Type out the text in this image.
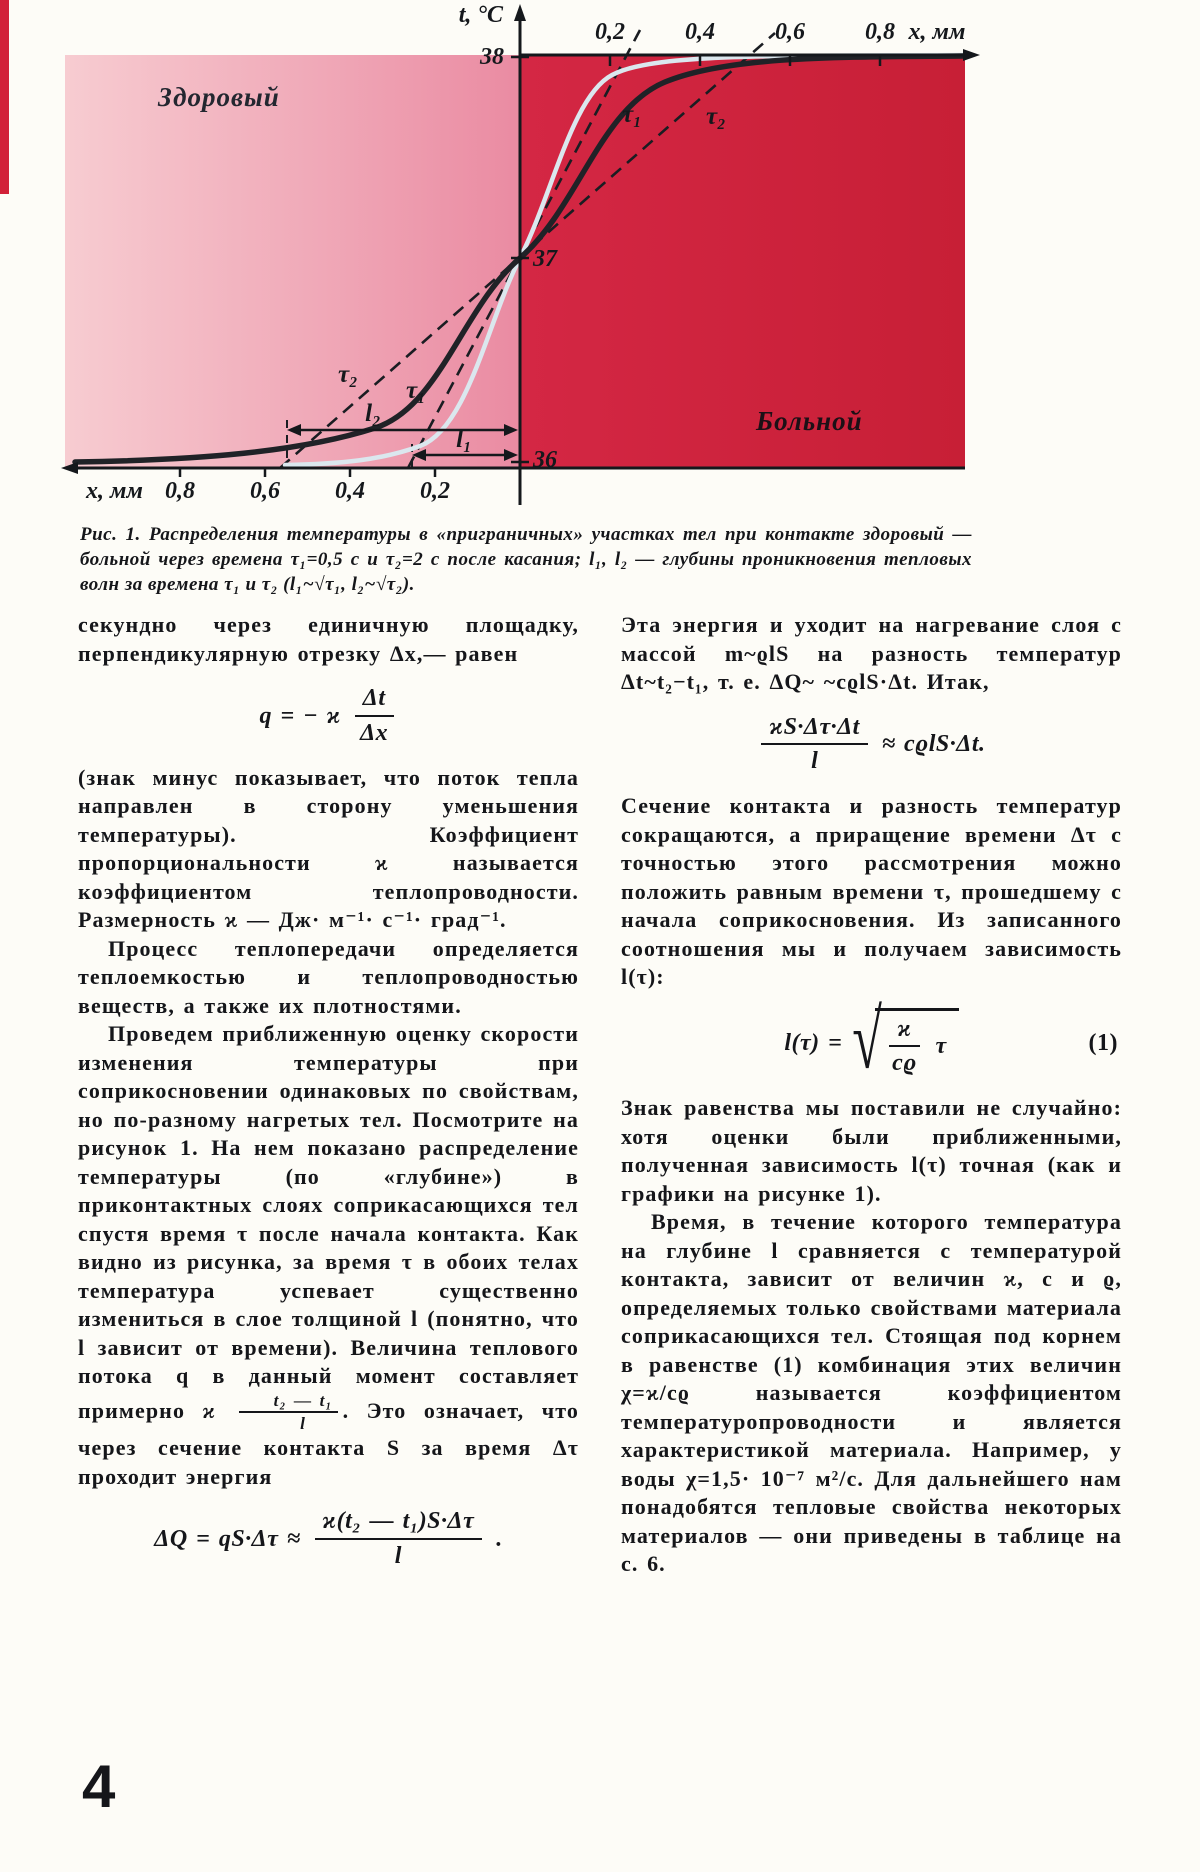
t, °C
x, мм
x, мм
0,2	0,4	0,6	0,8
0,8 0,6 0,4 0,2
38
37
36
τ₂
τ₁
τ₁	τ₂
l₂
l₁
Здоровый
Больной

Рис. 1. Распределения температуры в «приграничных» участках тел при контакте здоровый — больной через времена τ₁=0,5 с и τ₂=2 с после касания; l₁, l₂ — глубины проникновения тепловых волн за времена τ₁ и τ₂ (l₁~√τ₁, l₂~√τ₂).

секундно через единичную площадку, перпендикулярную отрезку Δx,— равен

q = − ϰ $\frac{\Delta t}{\Delta x}$

(знак минус показывает, что поток тепла направлен в сторону уменьшения температуры). Коэффициент пропорциональности ϰ называется коэффициентом теплопроводности. Размерность ϰ — Дж· м⁻¹· с⁻¹· град⁻¹.

Процесс теплопередачи определяется теплоемкостью и теплопроводностью веществ, а также их плотностями.

Проведем приближенную оценку скорости изменения температуры при соприкосновении одинаковых по свойствам, но по-разному нагретых тел. Посмотрите на рисунок 1. На нем показано распределение температуры (по «глубине») в приконтактных слоях соприкасающихся тел спустя время τ после начала контакта. Как видно из рисунка, за время τ в обоих телах температура успевает существенно измениться в слое толщиной l (понятно, что l зависит от времени). Величина теплового потока q в данный момент составляет примерно ϰ $\frac{\text{t₂ — t₁}}{l}$ . Это означает, что через сечение контакта S за время Δτ проходит энергия

$\Delta Q = qS\cdot\Delta\tau \approx \frac{\text{ϰ(t₂ — t₁)S·Δτ}}{l}$ .

Эта энергия и уходит на нагревание слоя с массой m~ϱlS на разность температур Δt~t₂−t₁, т. е. ΔQ~ ~cϱlS·Δt. Итак,

$\frac{ϰS\cdot\Delta\tau\cdot\Delta t}{l} \approx cϱlS\cdot\Delta t$.

Сечение контакта и разность температур сокращаются, а приращение времени Δτ с точностью этого рассмотрения можно положить равным времени τ, прошедшему с начала соприкосновения. Из записанного соотношения мы и получаем зависимость l(τ):

l(τ) = √ $\frac{ϰ}{cϱ}$ τ	(1)

Знак равенства мы поставили не случайно: хотя оценки были приближенными, полученная зависимость l(τ) точная (как и графики на рисунке 1).

Время, в течение которого температура на глубине l сравняется с температурой контакта, зависит от величин ϰ, c и ϱ, определяемых только свойствами материала соприкасающихся тел. Стоящая под корнем в равенстве (1) комбинация этих величин χ=ϰ/cϱ называется коэффициентом температуропроводности и является характеристикой материала. Например, у воды χ=1,5· 10⁻⁷ м²/с. Для дальнейшего нам понадобятся тепловые свойства некоторых материалов — они приведены в таблице на с. 6.

4
